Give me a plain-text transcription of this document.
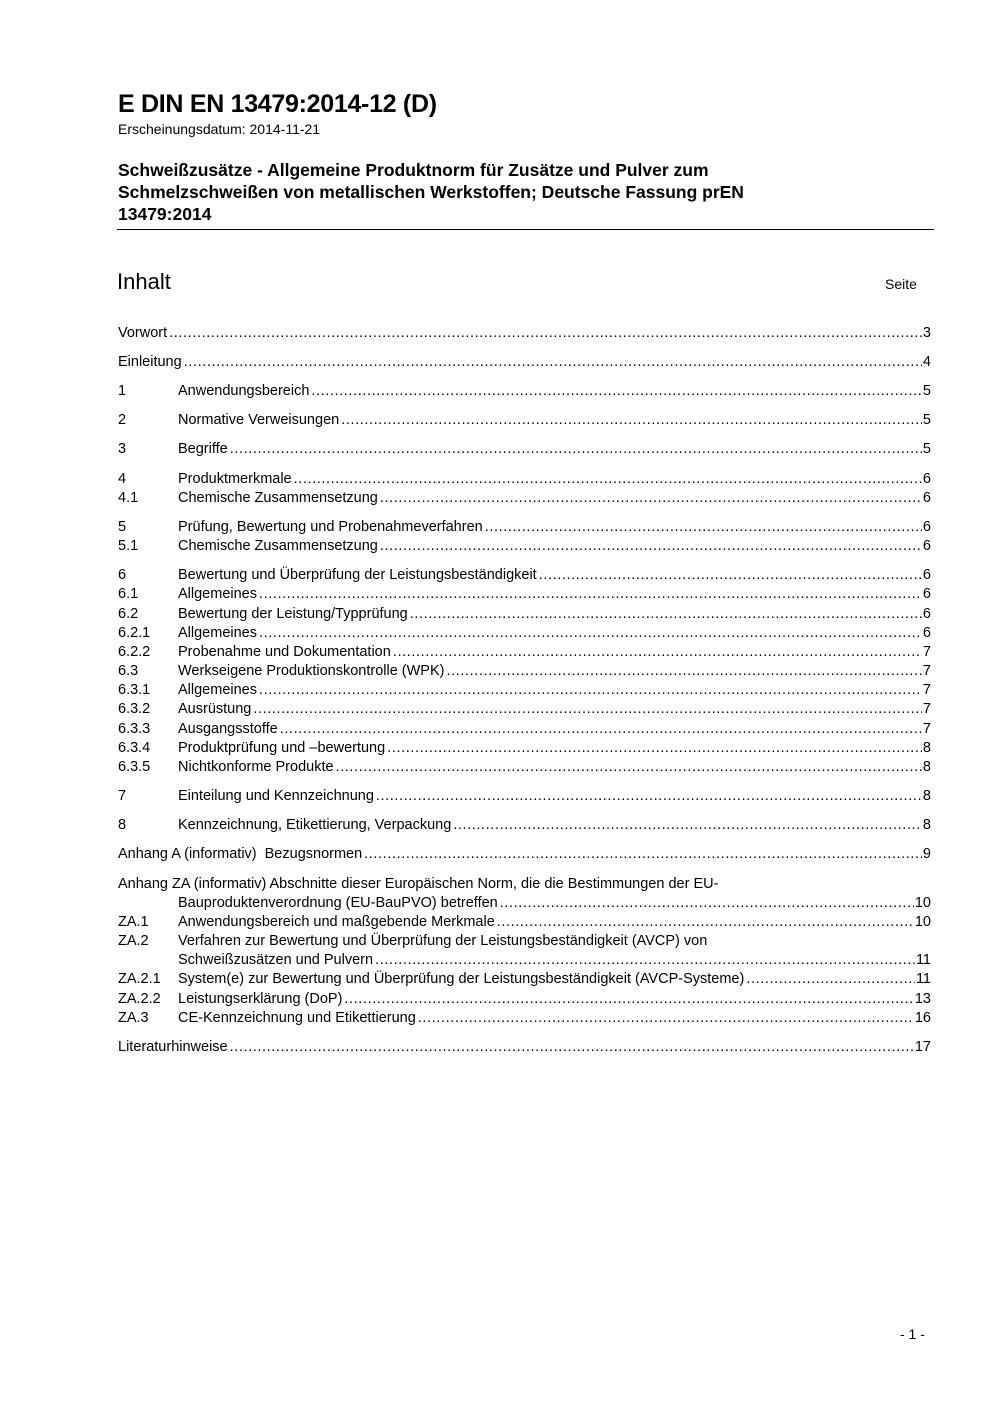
E DIN EN 13479:2014-12 (D)
Erscheinungsdatum: 2014-11-21
Schweißzusätze - Allgemeine Produktnorm für Zusätze und Pulver zum
Schmelzschweißen von metallischen Werkstoffen; Deutsche Fassung prEN
13479:2014
Inhalt	Seite
Vorwort .....	3
Einleitung .....	4
1	Anwendungsbereich .....	5
2	Normative Verweisungen .....	5
3	Begriffe .....	5
4	Produktmerkmale .....	6
4.1	Chemische Zusammensetzung .....	6
5	Prüfung, Bewertung und Probenahmeverfahren .....	6
5.1	Chemische Zusammensetzung .....	6
6	Bewertung und Überprüfung der Leistungsbeständigkeit .....	6
6.1	Allgemeines .....	6
6.2	Bewertung der Leistung/Typprüfung .....	6
6.2.1 Allgemeines .....	6
6.2.2 Probenahme und Dokumentation .....	7
6.3	Werkseigene Produktionskontrolle (WPK) .....	7
6.3.1 Allgemeines .....	7
6.3.2 Ausrüstung .....	7
6.3.3 Ausgangsstoffe .....	7
6.3.4 Produktprüfung und –bewertung .....	8
6.3.5 Nichtkonforme Produkte .....	8
7	Einteilung und Kennzeichnung .....	8
8	Kennzeichnung, Etikettierung, Verpackung .....	8
Anhang A (informativ) Bezugsnormen .....	9
Anhang ZA (informativ) Abschnitte dieser Europäischen Norm, die die Bestimmungen der EU-
Bauproduktenverordnung (EU-BauPVO) betreffen .....	10
ZA.1 Anwendungsbereich und maßgebende Merkmale .....	10
ZA.2 Verfahren zur Bewertung und Überprüfung der Leistungsbeständigkeit (AVCP) von
Schweißzusätzen und Pulvern .....	11
ZA.2.1 System(e) zur Bewertung und Überprüfung der Leistungsbeständigkeit (AVCP-Systeme) .....	11
ZA.2.2 Leistungserklärung (DoP) .....	13
ZA.3 CE-Kennzeichnung und Etikettierung .....	16
Literaturhinweise .....	17
- 1 -
